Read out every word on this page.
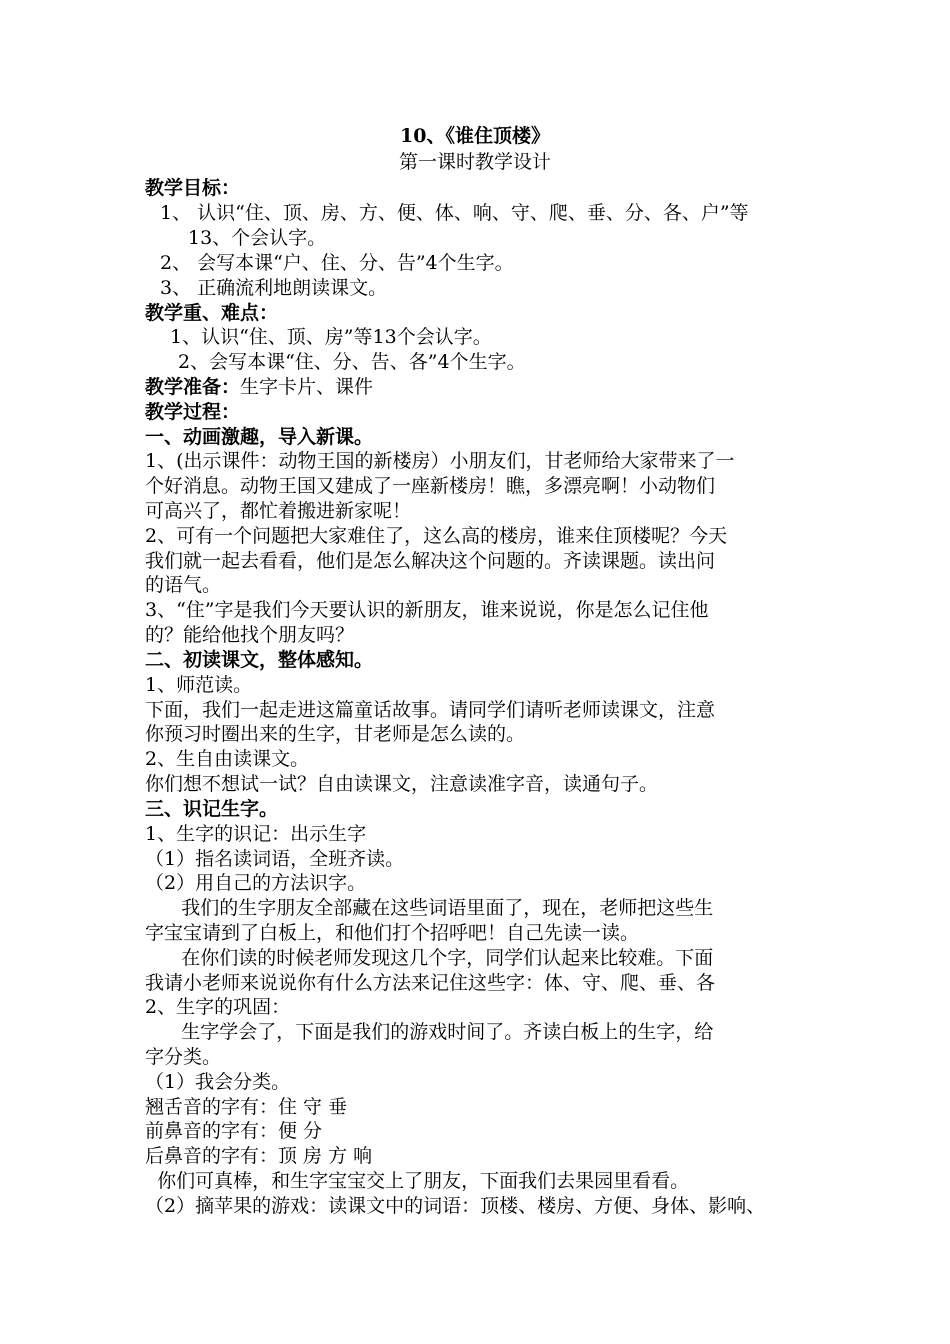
10、《谁住顶楼》
第一课时教学设计
教学目标：
1、 认识“住、顶、房、方、便、体、响、守、爬、垂、分、各、户”等
13、个会认字。
2、 会写本课“户、住、分、告”4个生字。
3、 正确流利地朗读课文。
教学重、难点：
1、认识“住、顶、房”等13个会认字。
2、会写本课“住、分、告、各”4个生字。
教学准备：生字卡片、课件
教学过程：
一、动画激趣，导入新课。
1、(出示课件：动物王国的新楼房）小朋友们，甘老师给大家带来了一
个好消息。动物王国又建成了一座新楼房！瞧，多漂亮啊！小动物们
可高兴了，都忙着搬进新家呢！
2、可有一个问题把大家难住了，这么高的楼房，谁来住顶楼呢？今天
我们就一起去看看，他们是怎么解决这个问题的。齐读课题。读出问
的语气。
3、“住”字是我们今天要认识的新朋友，谁来说说，你是怎么记住他
的？能给他找个朋友吗？
二、初读课文，整体感知。
1、师范读。
下面，我们一起走进这篇童话故事。请同学们请听老师读课文，注意
你预习时圈出来的生字，甘老师是怎么读的。
2、生自由读课文。
你们想不想试一试？自由读课文，注意读准字音，读通句子。
三、识记生字。
1、生字的识记：出示生字
（1）指名读词语，全班齐读。
（2）用自己的方法识字。
我们的生字朋友全部藏在这些词语里面了，现在，老师把这些生
字宝宝请到了白板上，和他们打个招呼吧！自己先读一读。
在你们读的时候老师发现这几个字，同学们认起来比较难。下面
我请小老师来说说你有什么方法来记住这些字：体、守、爬、垂、各
2、生字的巩固：
生字学会了，下面是我们的游戏时间了。齐读白板上的生字，给
字分类。
（1）我会分类。
翘舌音的字有：住 守 垂
前鼻音的字有：便 分
后鼻音的字有：顶 房 方 响
你们可真棒，和生字宝宝交上了朋友，下面我们去果园里看看。
（2）摘苹果的游戏：读课文中的词语：顶楼、楼房、方便、身体、影响、
